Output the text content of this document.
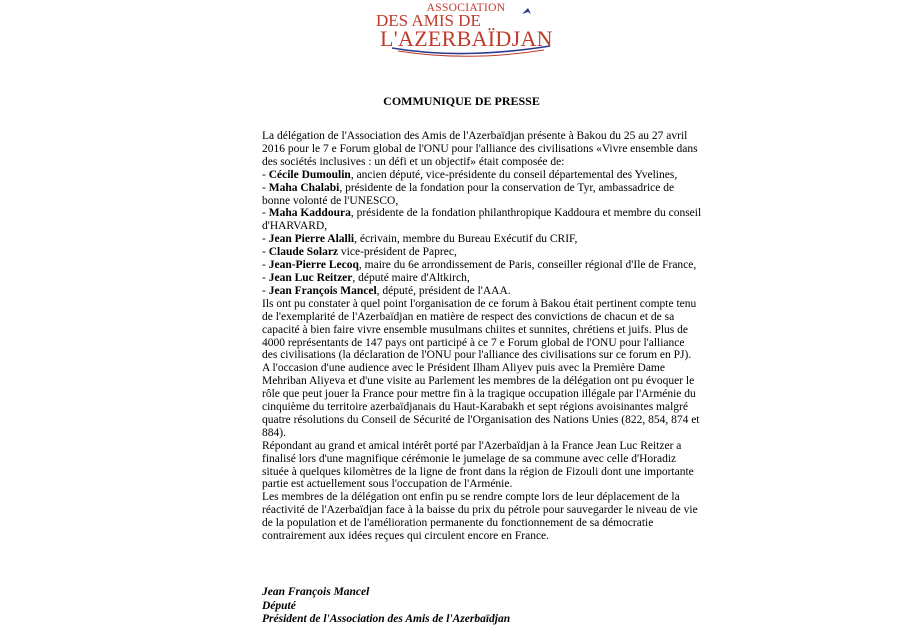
ASSOCIATION
DES AMIS DE
L'AZERBAÏDJAN
COMMUNIQUE DE PRESSE

La délégation de l'Association des Amis de l'Azerbaïdjan présente à Bakou du 25 au 27 avril 2016 pour le 7 e Forum global de l'ONU pour l'alliance des civilisations «Vivre ensemble dans des sociétés inclusives : un défi et un objectif» était composée de:

- Cécile Dumoulin, ancien député, vice-présidente du conseil départemental des Yvelines,
- Maha Chalabi, présidente de la fondation pour la conservation de Tyr, ambassadrice de bonne volonté de l'UNESCO,
- Maha Kaddoura, présidente de la fondation philanthropique Kaddoura et membre du conseil d'HARVARD,
- Jean Pierre Alalli, écrivain, membre du Bureau Exécutif du CRIF,
- Claude Solarz vice-président de Paprec,
- Jean-Pierre Lecoq, maire du 6e arrondissement de Paris, conseiller régional d'Ile de France,
- Jean Luc Reitzer, député maire d'Altkirch,
- Jean François Mancel, député, président de l'AAA.

Ils ont pu constater à quel point l'organisation de ce forum à Bakou était pertinent compte tenu de l'exemplarité de l'Azerbaïdjan en matière de respect des convictions de chacun et de sa capacité à bien faire vivre ensemble musulmans chiites et sunnites, chrétiens et juifs. Plus de 4000 représentants de 147 pays ont participé à ce 7 e Forum global de l'ONU pour l'alliance des civilisations (la déclaration de l'ONU pour l'alliance des civilisations sur ce forum en PJ).

A l'occasion d'une audience avec le Président Ilham Aliyev puis avec la Première Dame Mehriban Aliyeva et d'une visite au Parlement les membres de la délégation ont pu évoquer le rôle que peut jouer la France pour mettre fin à la tragique occupation illégale par l'Arménie du cinquième du territoire azerbaïdjanais du Haut-Karabakh et sept régions avoisinantes malgré quatre résolutions du Conseil de Sécurité de l'Organisation des Nations Unies (822, 854, 874 et 884).

Répondant au grand et amical intérêt porté par l'Azerbaïdjan à la France Jean Luc Reitzer a finalisé lors d'une magnifique cérémonie le jumelage de sa commune avec celle d'Horadiz située à quelques kilomètres de la ligne de front dans la région de Fizouli dont une importante partie est actuellement sous l'occupation de l'Arménie.

Les membres de la délégation ont enfin pu se rendre compte lors de leur déplacement de la réactivité de l'Azerbaïdjan face à la baisse du prix du pétrole pour sauvegarder le niveau de vie de la population et de l'amélioration permanente du fonctionnement de sa démocratie contrairement aux idées reçues qui circulent encore en France.

Jean François Mancel
Député
Président de l'Association des Amis de l'Azerbaïdjan
